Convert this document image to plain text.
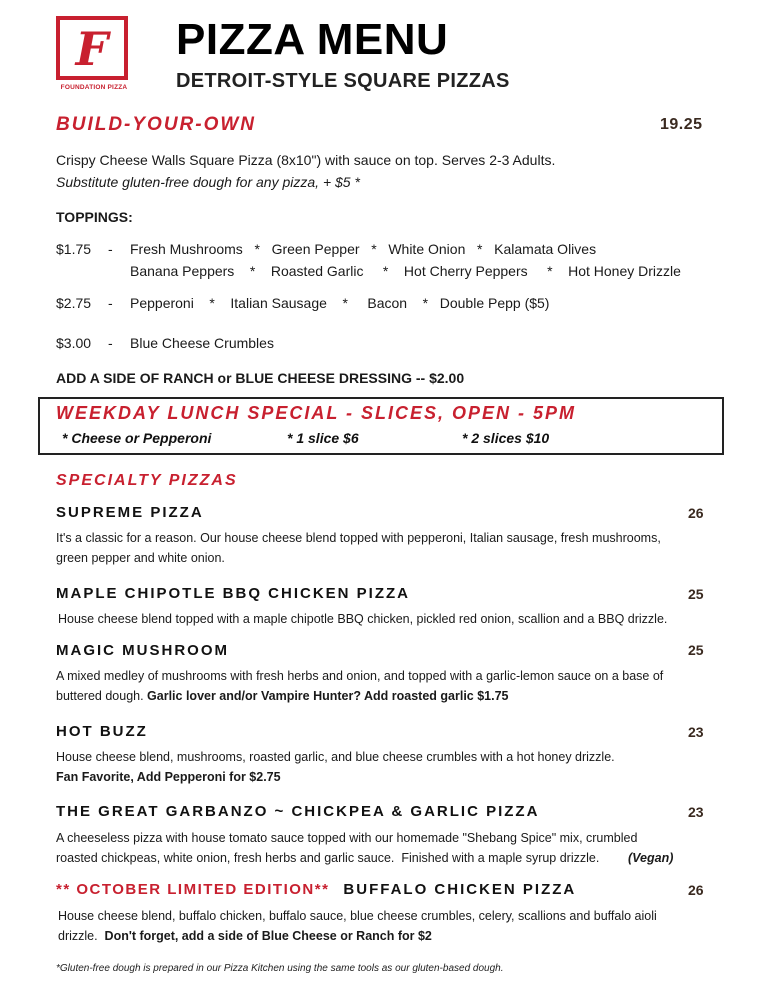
F
FOUNDATION PIZZA
PIZZA MENU
DETROIT-STYLE SQUARE PIZZAS
BUILD-YOUR-OWN	19.25
Crispy Cheese Walls Square Pizza (8x10") with sauce on top. Serves 2-3 Adults.
Substitute gluten-free dough for any pizza, + $5 *
TOPPINGS:
$1.75	- Fresh Mushrooms   *   Green Pepper   *   White Onion   *   Kalamata Olives
Banana Peppers    *    Roasted Garlic     *    Hot Cherry Peppers     *    Hot Honey Drizzle
$2.75	- Pepperoni    *    Italian Sausage    *     Bacon    *   Double Pepp ($5)
$3.00	- Blue Cheese Crumbles
ADD A SIDE OF RANCH or BLUE CHEESE DRESSING -- $2.00
WEEKDAY LUNCH SPECIAL - SLICES, OPEN - 5PM
* Cheese or Pepperoni	* 1 slice $6	* 2 slices $10
SPECIALTY PIZZAS
SUPREME PIZZA	26
It's a classic for a reason. Our house cheese blend topped with pepperoni, Italian sausage, fresh mushrooms,
green pepper and white onion.
MAPLE CHIPOTLE BBQ CHICKEN PIZZA	25
House cheese blend topped with a maple chipotle BBQ chicken, pickled red onion, scallion and a BBQ drizzle.
MAGIC MUSHROOM	25
A mixed medley of mushrooms with fresh herbs and onion, and topped with a garlic-lemon sauce on a base of
buttered dough. Garlic lover and/or Vampire Hunter? Add roasted garlic $1.75
HOT BUZZ	23
House cheese blend, mushrooms, roasted garlic, and blue cheese crumbles with a hot honey drizzle.
Fan Favorite, Add Pepperoni for $2.75
THE GREAT GARBANZO ~ CHICKPEA & GARLIC PIZZA	23
A cheeseless pizza with house tomato sauce topped with our homemade "Shebang Spice" mix, crumbled
roasted chickpeas, white onion, fresh herbs and garlic sauce.  Finished with a maple syrup drizzle.	(Vegan)
** OCTOBER LIMITED EDITION** BUFFALO CHICKEN PIZZA	26
House cheese blend, buffalo chicken, buffalo sauce, blue cheese crumbles, celery, scallions and buffalo aioli
drizzle.  Don't forget, add a side of Blue Cheese or Ranch for $2
*Gluten-free dough is prepared in our Pizza Kitchen using the same tools as our gluten-based dough.
